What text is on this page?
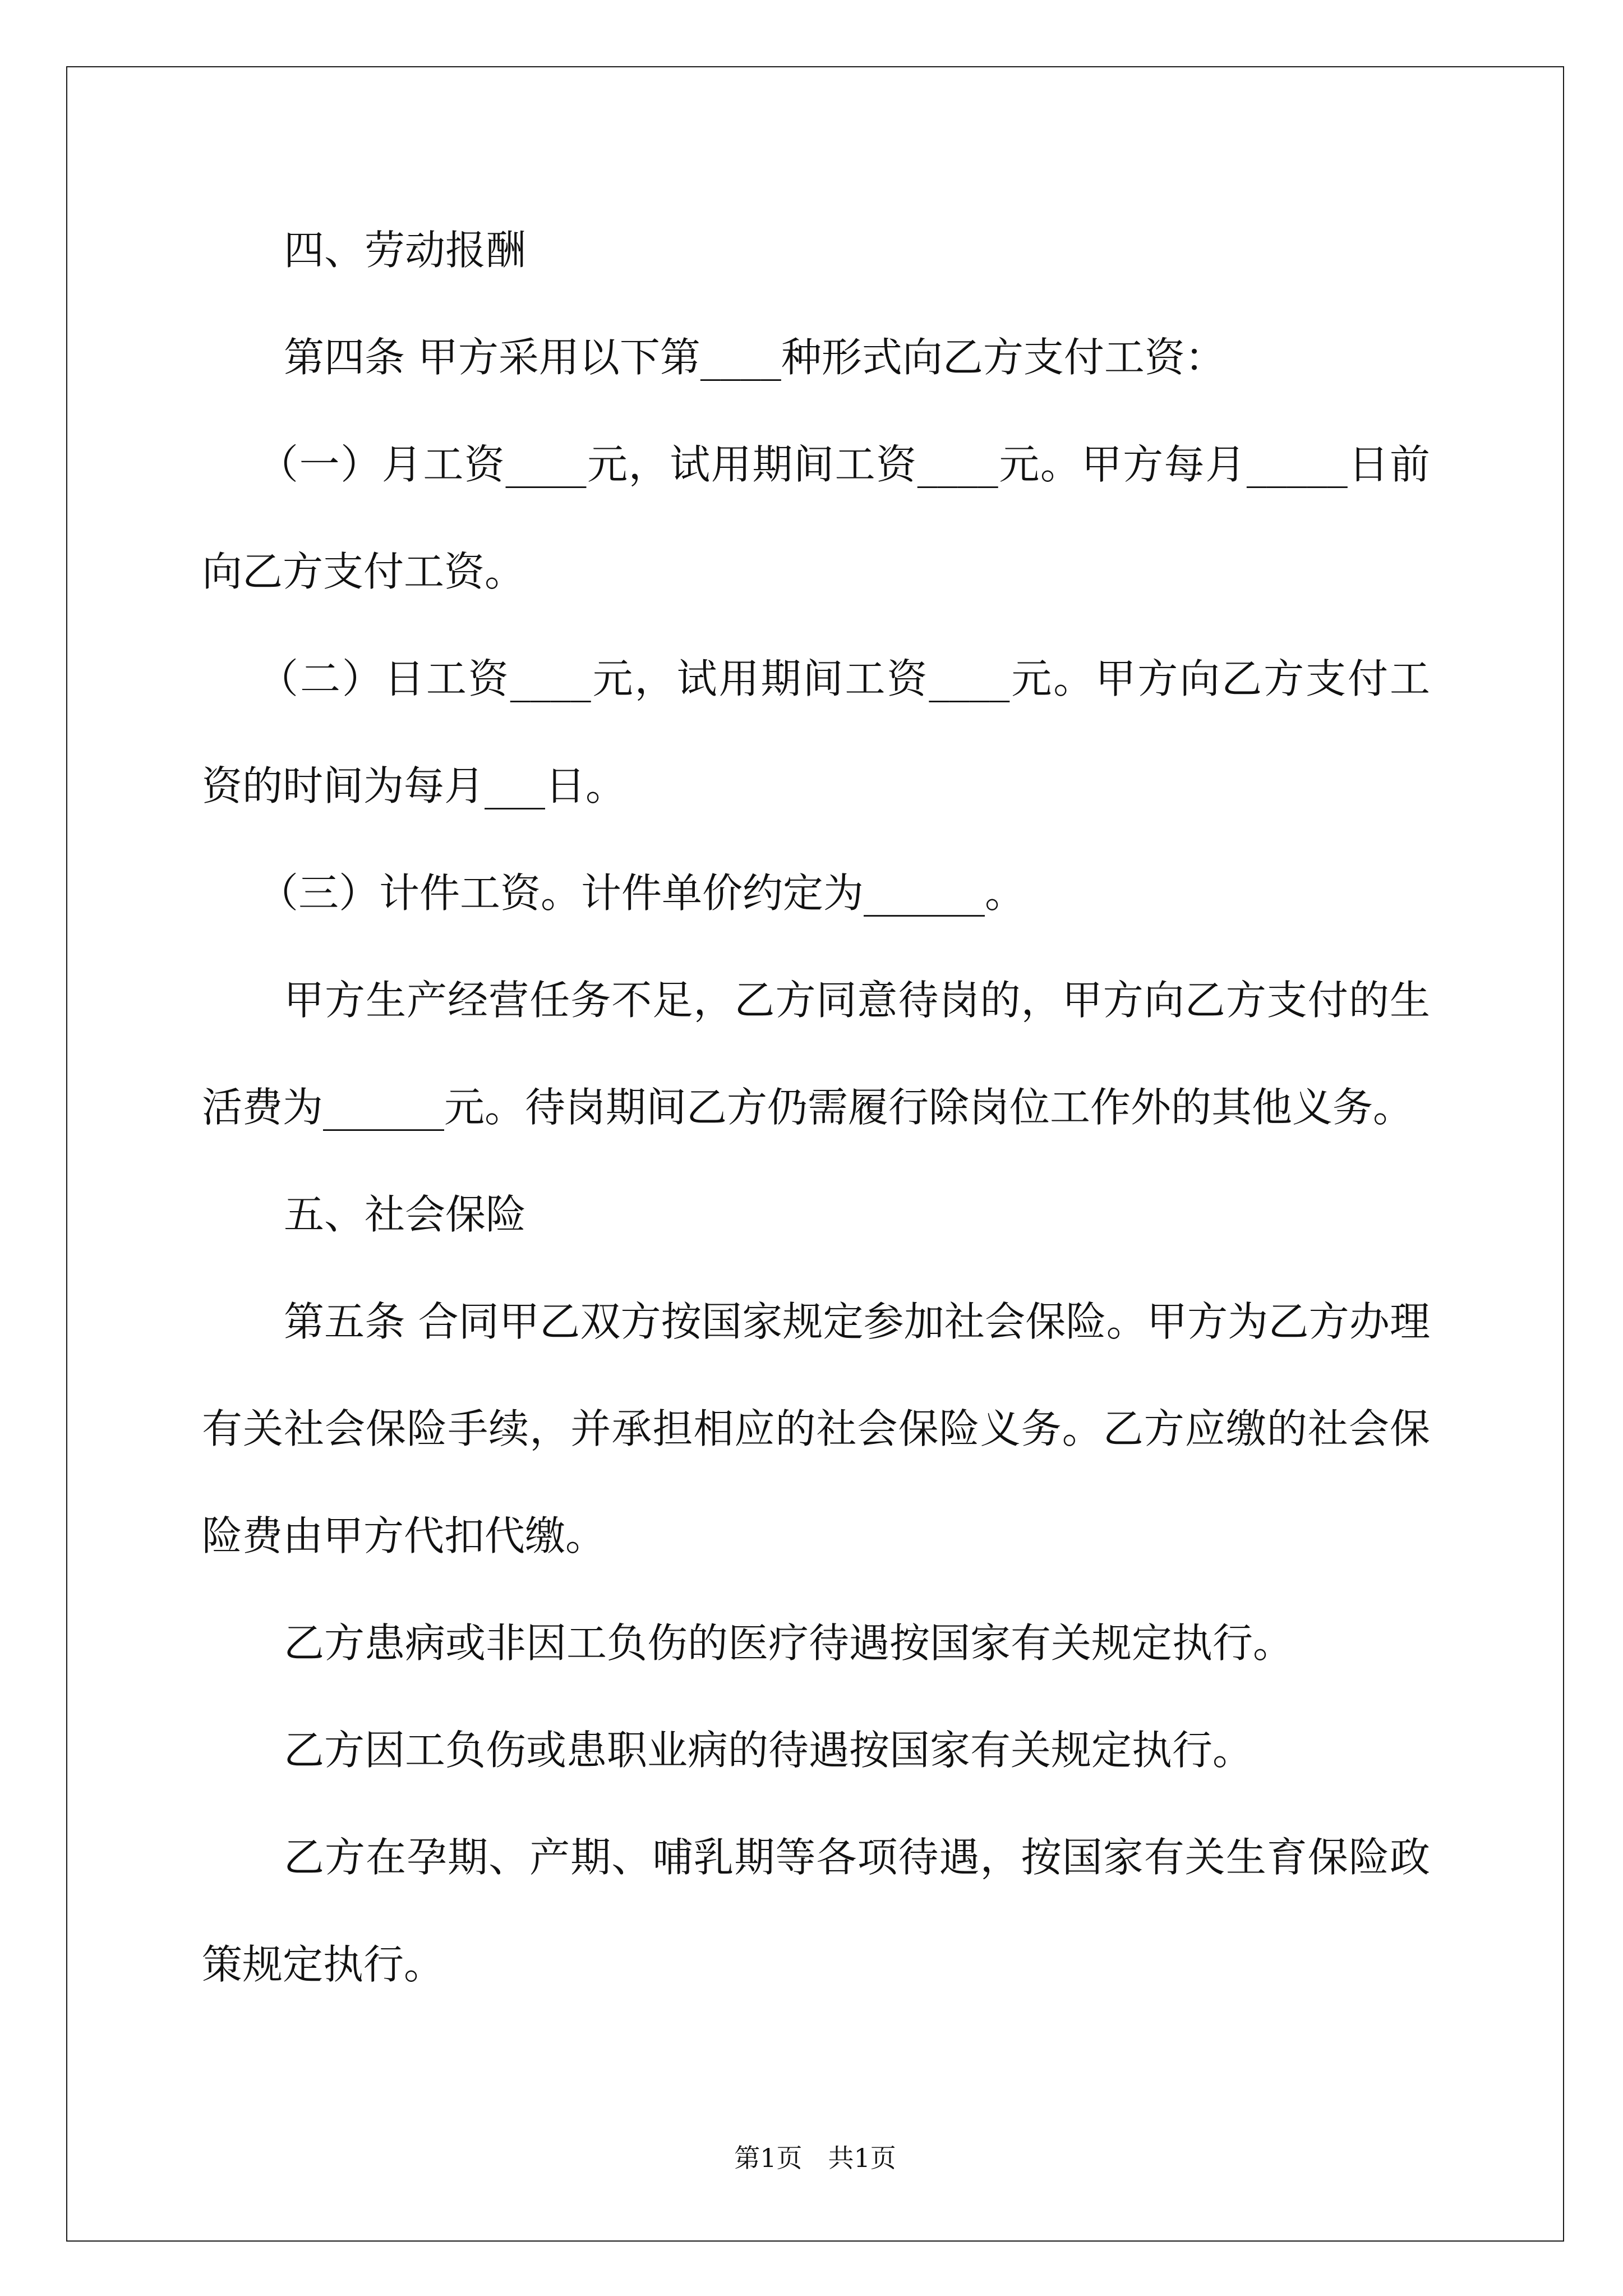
四、劳动报酬
第四条 甲方采用以下第____种形式向乙方支付工资：
（一）月工资____元，试用期间工资____元。甲方每月_____日前
向乙方支付工资。
（二）日工资____元，试用期间工资____元。甲方向乙方支付工
资的时间为每月___日。
（三）计件工资。计件单价约定为______。
甲方生产经营任务不足，乙方同意待岗的，甲方向乙方支付的生
活费为______元。待岗期间乙方仍需履行除岗位工作外的其他义务。
五、社会保险
第五条 合同甲乙双方按国家规定参加社会保险。甲方为乙方办理
有关社会保险手续，并承担相应的社会保险义务。乙方应缴的社会保
险费由甲方代扣代缴。
乙方患病或非因工负伤的医疗待遇按国家有关规定执行。
乙方因工负伤或患职业病的待遇按国家有关规定执行。
乙方在孕期、产期、哺乳期等各项待遇，按国家有关生育保险政
策规定执行。
第1页　共1页
